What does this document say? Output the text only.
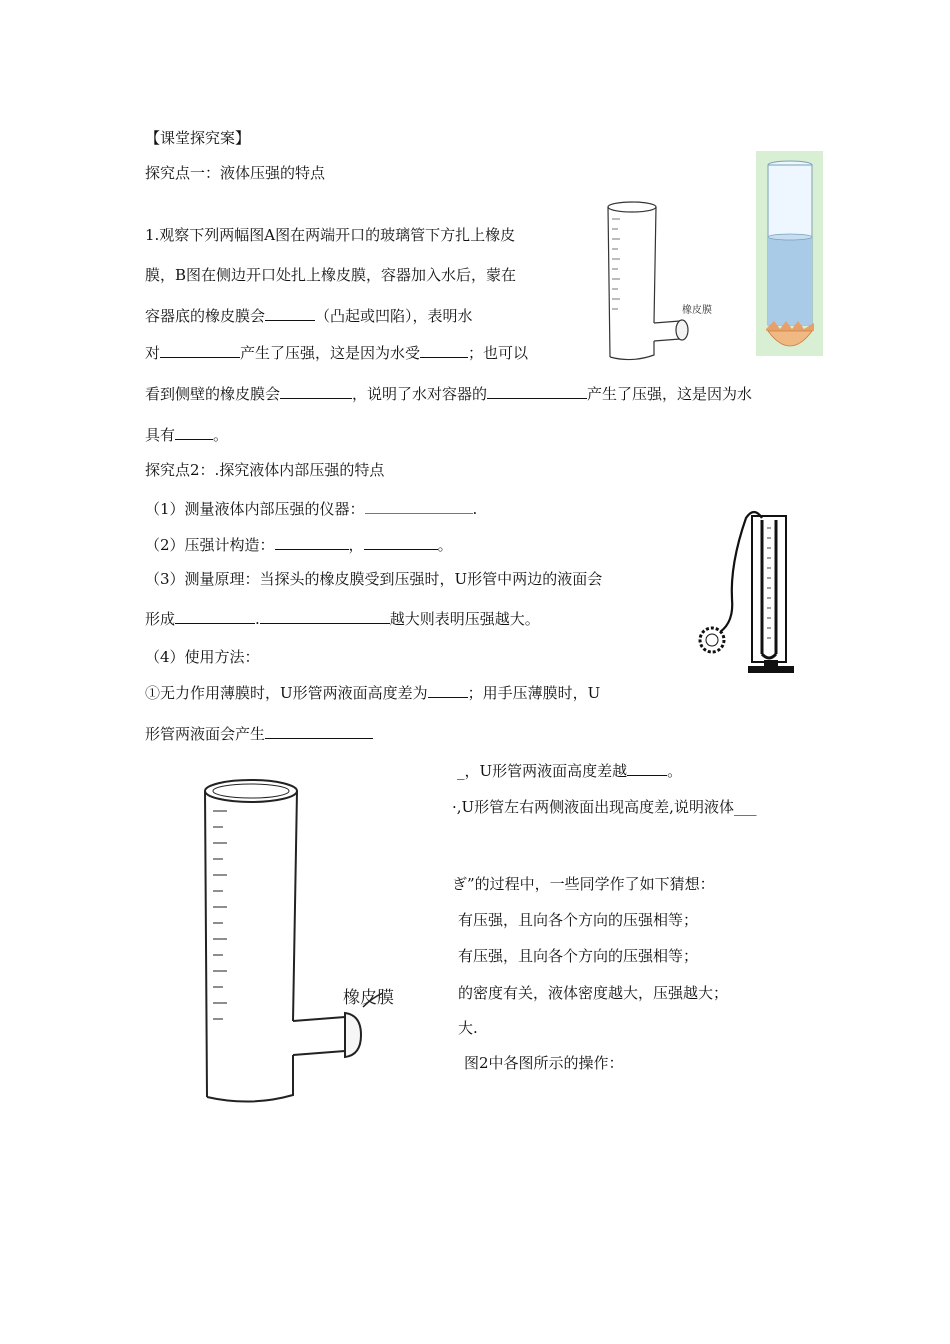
【课堂探究案】
探究点一：液体压强的特点
1.观察下列两幅图A图在两端开口的玻璃管下方扎上橡皮
膜，B图在侧边开口处扎上橡皮膜，容器加入水后，蒙在
容器底的橡皮膜会	（凸起或凹陷），表明水
对	产生了压强，这是因为水受	；也可以
看到侧壁的橡皮膜会	，说明了水对容器的	产生了压强，这是因为水
具有	。
探究点2：.探究液体内部压强的特点
（1）测量液体内部压强的仪器：	.
（2）压强计构造：	，	。
（3）测量原理：当探头的橡皮膜受到压强时，U形管中两边的液面会
形成	.	越大则表明压强越大。
（4）使用方法：
①无力作用薄膜时，U形管两液面高度差为	；用手压薄膜时，U
形管两液面会产生
_，U形管两液面高度差越	。
·,U形管左右两侧液面出现高度差,说明液体___
ぎ”的过程中，一些同学作了如下猜想：
有压强，且向各个方向的压强相等；
有压强，且向各个方向的压强相等；
的密度有关，液体密度越大，压强越大；
大.
图2中各图所示的操作：
橡皮膜
橡皮膜
